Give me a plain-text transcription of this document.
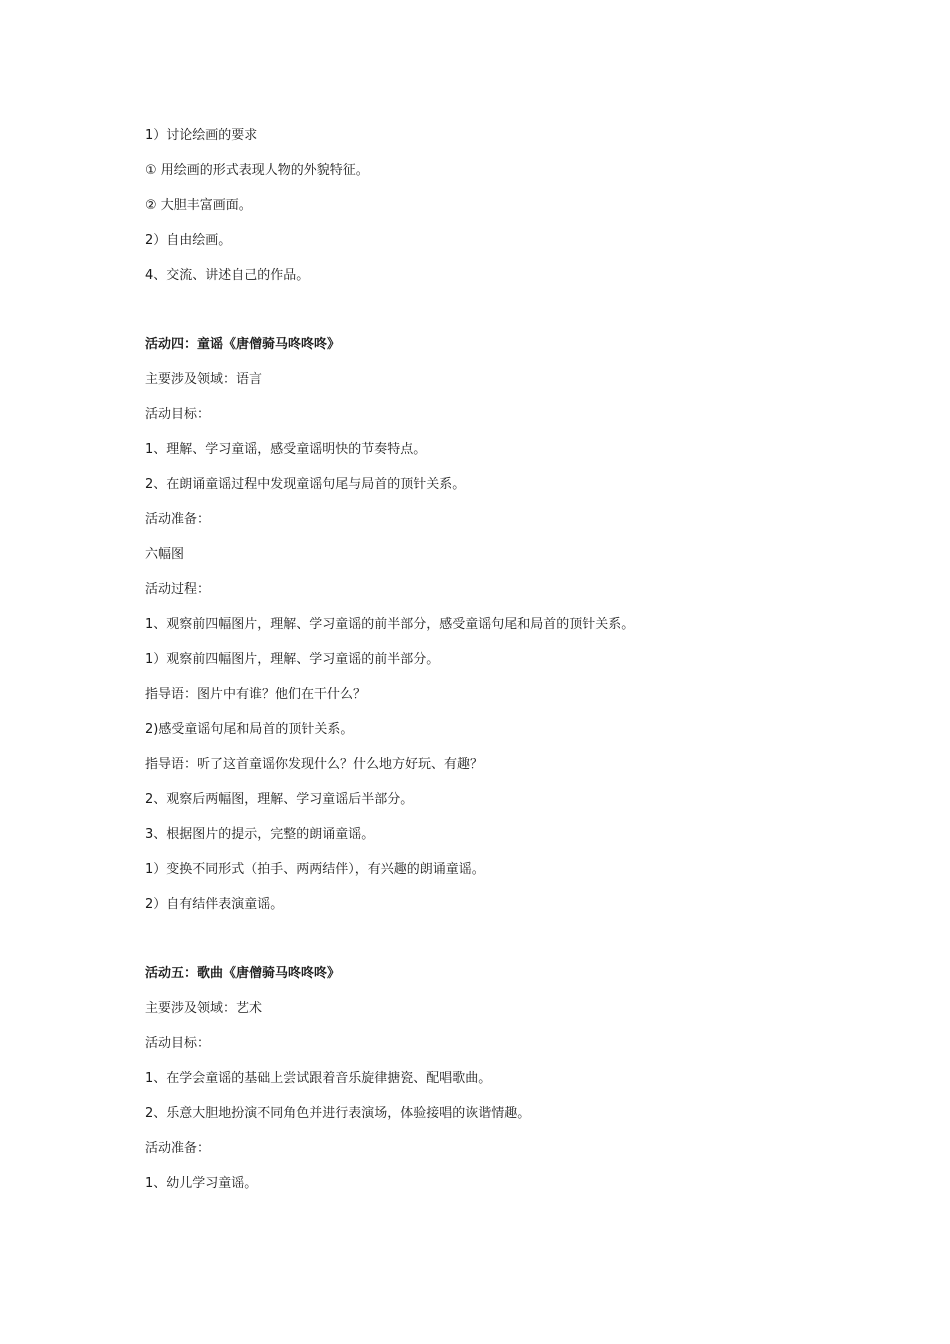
1）讨论绘画的要求
① 用绘画的形式表现人物的外貌特征。
② 大胆丰富画面。
2）自由绘画。
4、交流、讲述自己的作品。
活动四：童谣《唐僧骑马咚咚咚》
主要涉及领域：语言
活动目标：
1、理解、学习童谣，感受童谣明快的节奏特点。
2、在朗诵童谣过程中发现童谣句尾与局首的顶针关系。
活动准备：
六幅图
活动过程：
1、观察前四幅图片，理解、学习童谣的前半部分，感受童谣句尾和局首的顶针关系。
1）观察前四幅图片，理解、学习童谣的前半部分。
指导语：图片中有谁？他们在干什么？
2)感受童谣句尾和局首的顶针关系。
指导语：听了这首童谣你发现什么？什么地方好玩、有趣？
2、观察后两幅图，理解、学习童谣后半部分。
3、根据图片的提示，完整的朗诵童谣。
1）变换不同形式（拍手、两两结伴），有兴趣的朗诵童谣。
2）自有结伴表演童谣。
活动五：歌曲《唐僧骑马咚咚咚》
主要涉及领域：艺术
活动目标：
1、在学会童谣的基础上尝试跟着音乐旋律搪瓷、配唱歌曲。
2、乐意大胆地扮演不同角色并进行表演场，体验接唱的诙谐情趣。
活动准备：
1、幼儿学习童谣。
